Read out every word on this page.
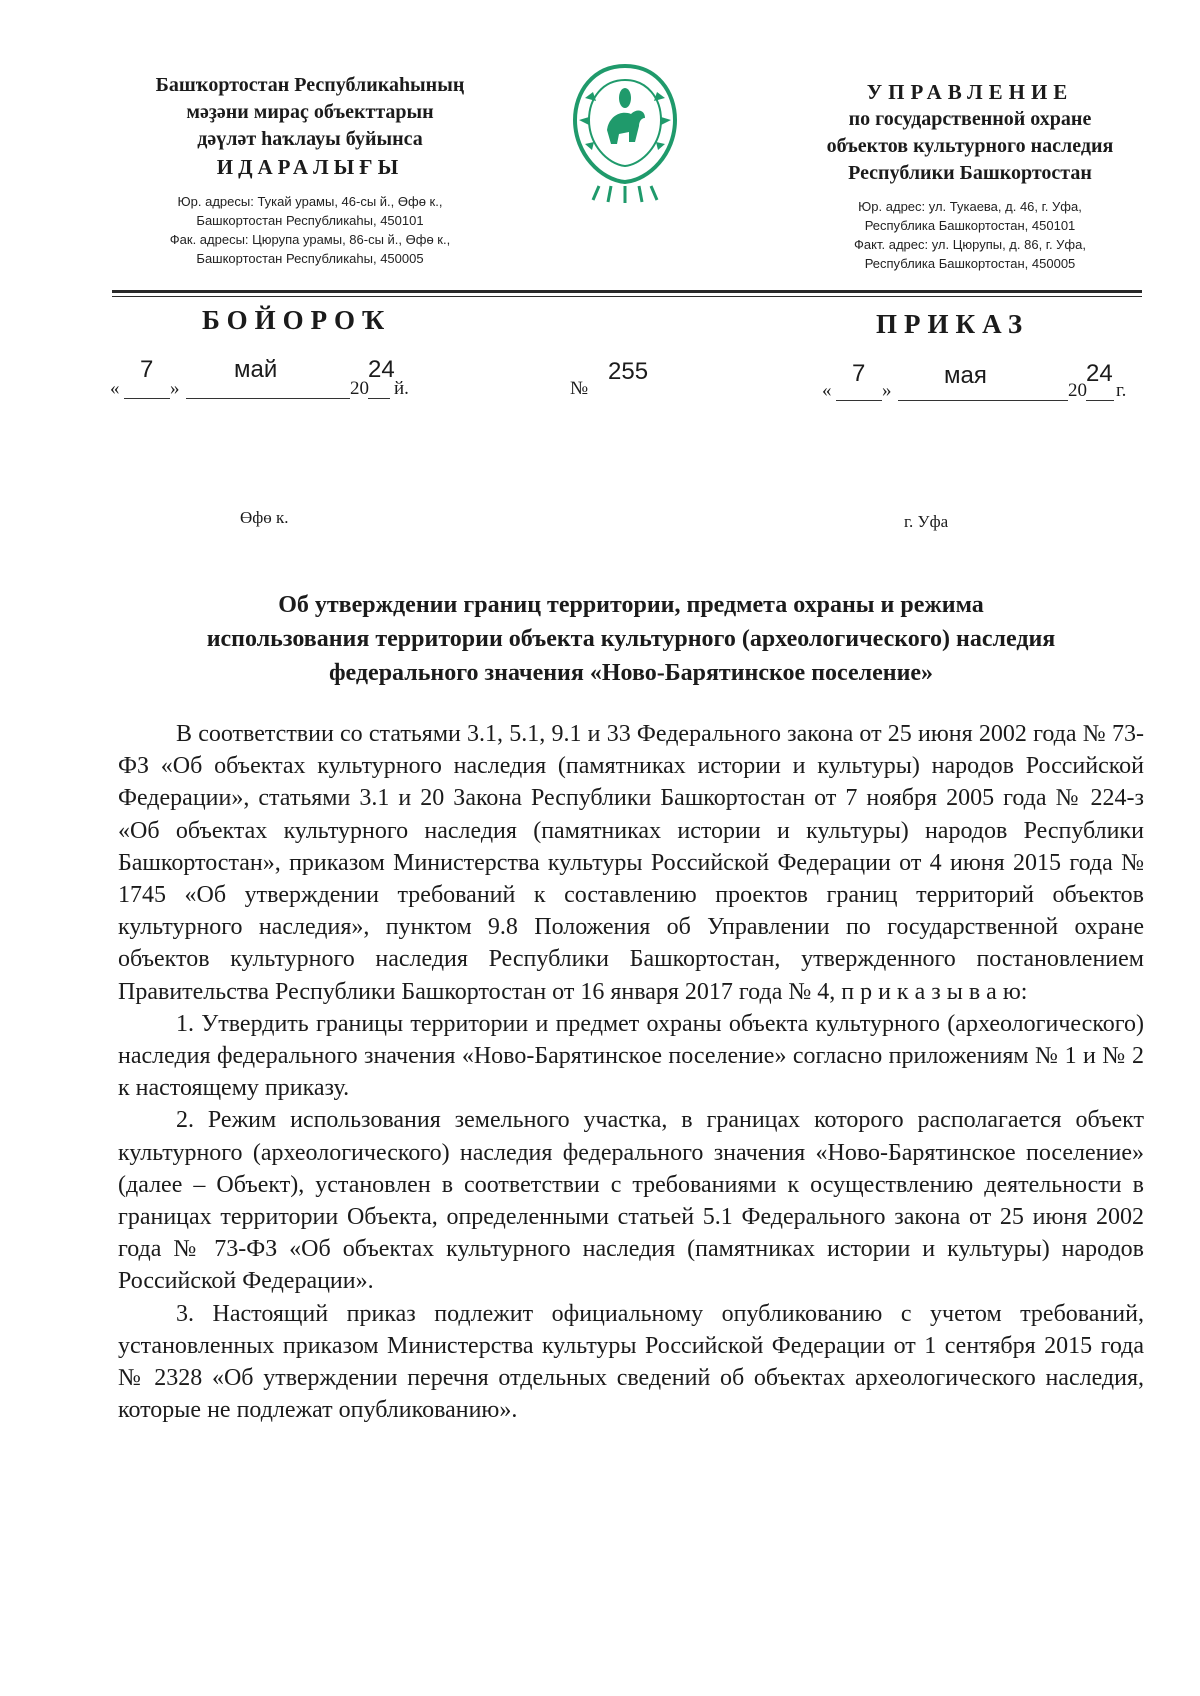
Башҡортостан Республикаһының
мәҙәни мираҫ объекттарын
дәүләт һаҡлауы буйынса
ИДАРАЛЫҒЫ
Юр. адресы: Тукай урамы, 46-сы й., Өфө к.,
Башкортостан Республикаһы, 450101
Фак. адресы: Цюрупа урамы, 86-сы й., Өфө к.,
Башкортостан Республикаһы, 450005
УПРАВЛЕНИЕ
по государственной охране
объектов культурного наследия
Республики Башкортостан
Юр. адрес: ул. Тукаева, д. 46, г. Уфа,
Республика Башкортостан, 450101
Факт. адрес: ул. Цюрупы, д. 86, г. Уфа,
Республика Башкортостан, 450005
БОЙОРОҠ	ПРИКАЗ
«
7
»
май
20
24
й.	№
255
«
7
»
мая
20
24
г.
Өфө к.	г. Уфа
Об утверждении границ территории, предмета охраны и режима
использования территории объекта культурного (археологического) наследия
федерального значения «Ново-Барятинское поселение»

В соответствии со статьями 3.1, 5.1, 9.1 и 33 Федерального закона от 25 июня 2002 года № 73-ФЗ «Об объектах культурного наследия (памятниках истории и культуры) народов Российской Федерации», статьями 3.1 и 20 Закона Республики Башкортостан от 7 ноября 2005 года № 224-з «Об объектах культурного наследия (памятниках истории и культуры) народов Республики Башкортостан», приказом Министерства культуры Российской Федерации от 4 июня 2015 года № 1745 «Об утверждении требований к составлению проектов границ территорий объектов культурного наследия», пунктом 9.8 Положения об Управлении по государственной охране объектов культурного наследия Республики Башкортостан, утвержденного постановлением Правительства Республики Башкортостан от 16 января 2017 года № 4, п р и к а з ы в а ю:

1. Утвердить границы территории и предмет охраны объекта культурного (археологического) наследия федерального значения «Ново-Барятинское поселение» согласно приложениям № 1 и № 2 к настоящему приказу.

2. Режим использования земельного участка, в границах которого располагается объект культурного (археологического) наследия федерального значения «Ново-Барятинское поселение» (далее – Объект), установлен в соответствии с требованиями к осуществлению деятельности в границах территории Объекта, определенными статьей 5.1 Федерального закона от 25 июня 2002 года № 73-ФЗ «Об объектах культурного наследия (памятниках истории и культуры) народов Российской Федерации».

3. Настоящий приказ подлежит официальному опубликованию с учетом требований, установленных приказом Министерства культуры Российской Федерации от 1 сентября 2015 года № 2328 «Об утверждении перечня отдельных сведений об объектах археологического наследия, которые не подлежат опубликованию».
